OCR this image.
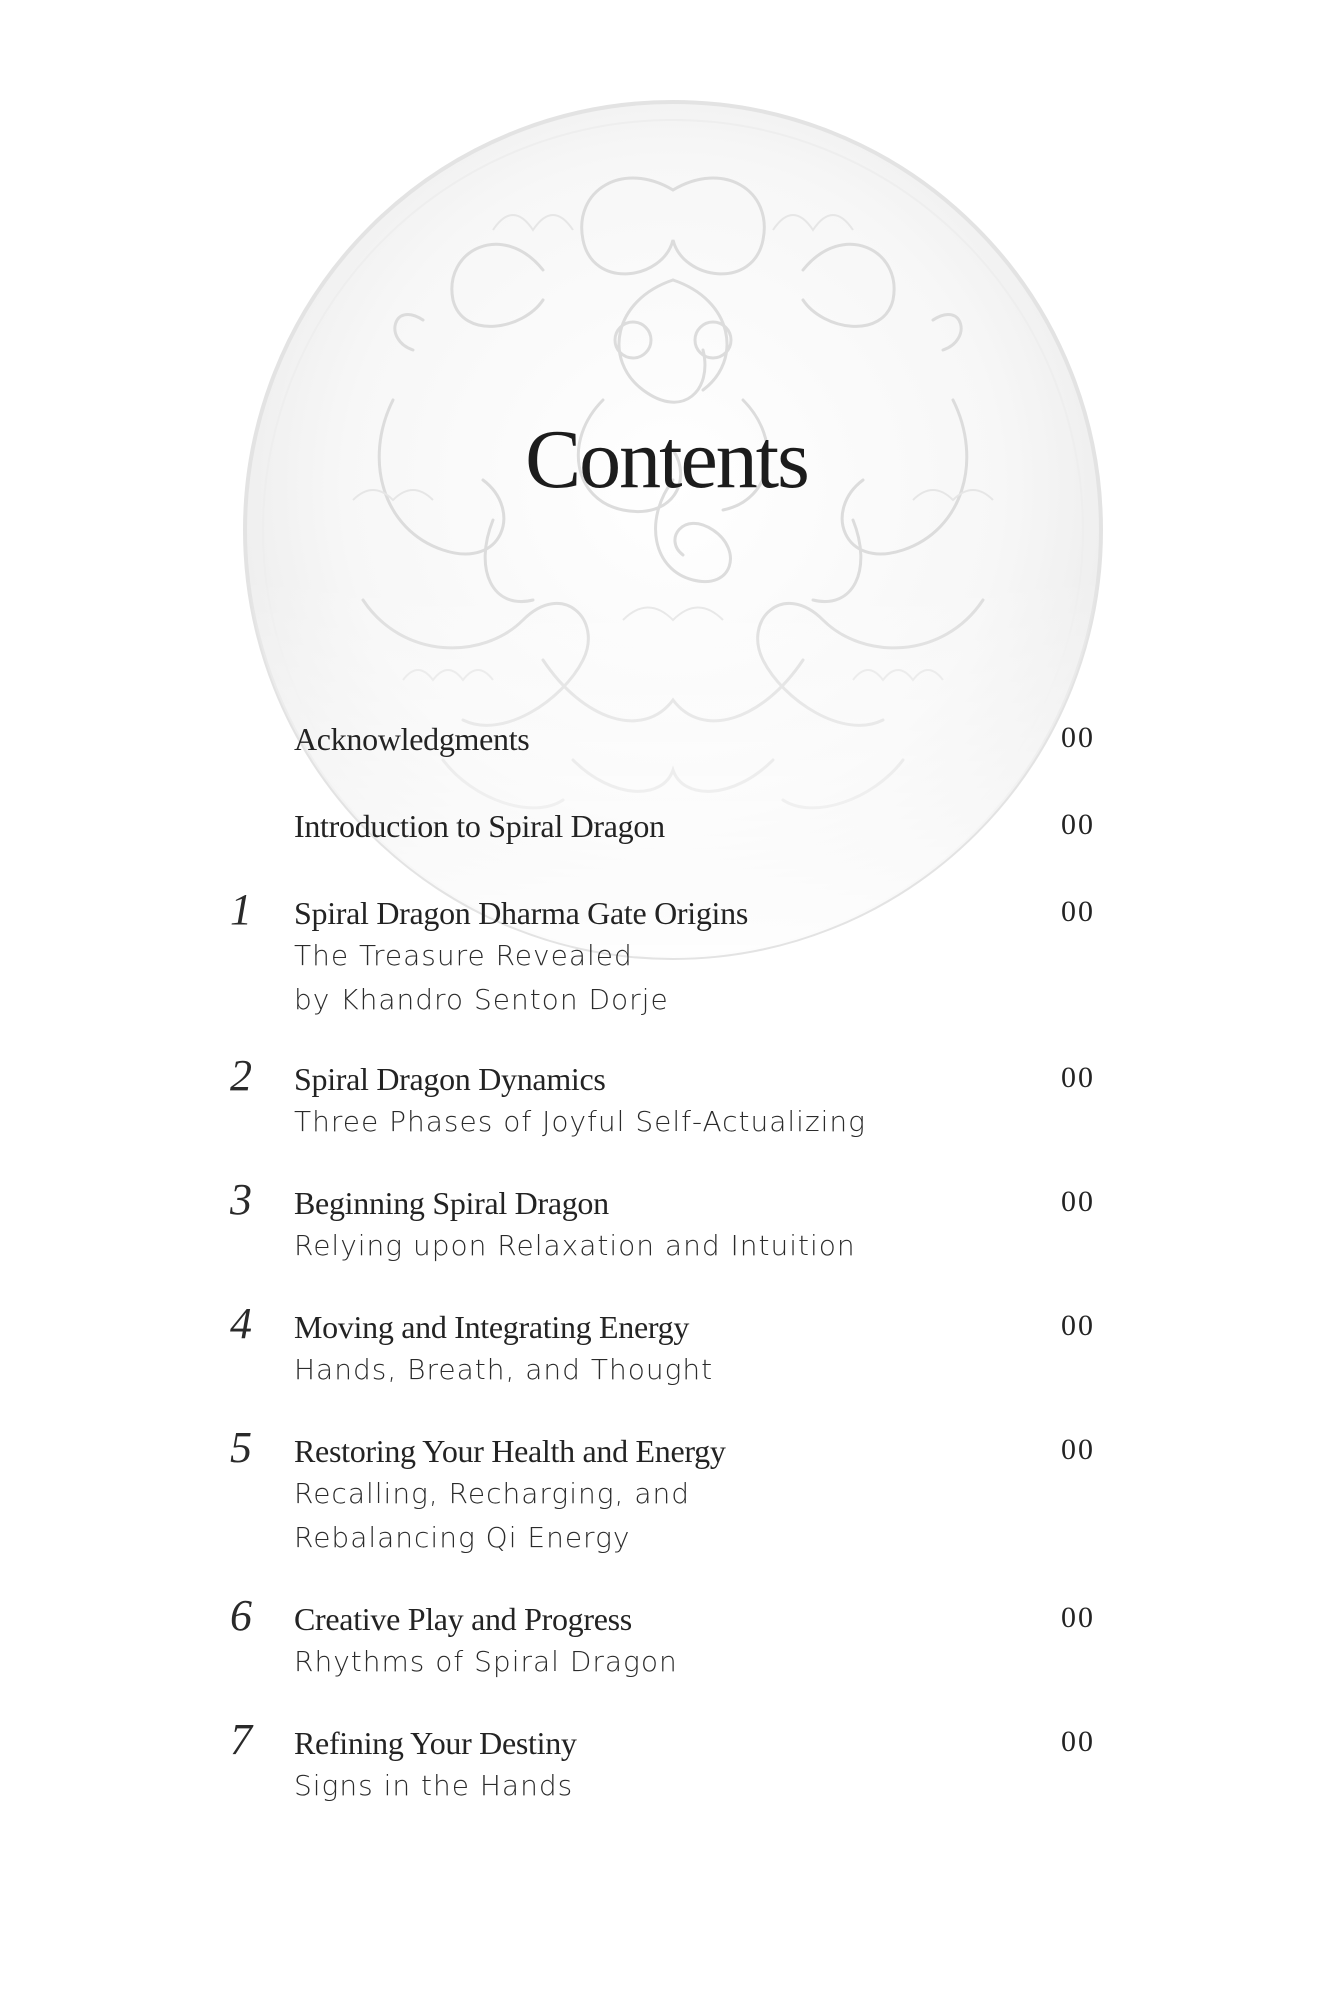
Contents
Acknowledgments	00
Introduction to Spiral Dragon	00
1	Spiral Dragon Dharma Gate Origins	00
The Treasure Revealed
by Khandro Senton Dorje
2	Spiral Dragon Dynamics	00
Three Phases of Joyful Self-Actualizing
3	Beginning Spiral Dragon	00
Relying upon Relaxation and Intuition
4	Moving and Integrating Energy	00
Hands, Breath, and Thought
5	Restoring Your Health and Energy	00
Recalling, Recharging, and
Rebalancing Qi Energy
6	Creative Play and Progress	00
Rhythms of Spiral Dragon
7	Refining Your Destiny	00
Signs in the Hands
